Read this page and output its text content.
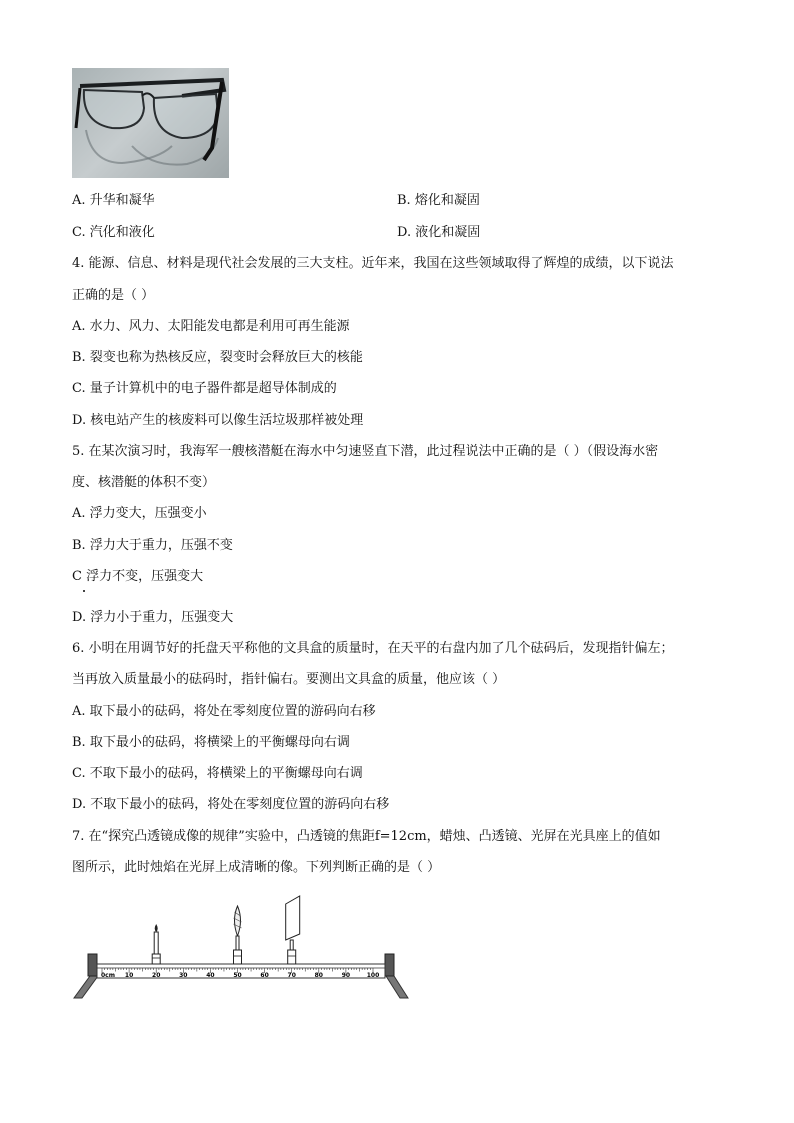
A. 升华和凝华	B. 熔化和凝固
C. 汽化和液化	D. 液化和凝固
4. 能源、信息、材料是现代社会发展的三大支柱。近年来，我国在这些领域取得了辉煌的成绩，以下说法
正确的是（ ）
A. 水力、风力、太阳能发电都是利用可再生能源
B. 裂变也称为热核反应，裂变时会释放巨大的核能
C. 量子计算机中的电子器件都是超导体制成的
D. 核电站产生的核废料可以像生活垃圾那样被处理
5. 在某次演习时，我海军一艘核潜艇在海水中匀速竖直下潜，此过程说法中正确的是（ ）（假设海水密
度、核潜艇的体积不变）
A. 浮力变大，压强变小
B. 浮力大于重力，压强不变
C 浮力不变，压强变大
D. 浮力小于重力，压强变大
6. 小明在用调节好的托盘天平称他的文具盒的质量时，在天平的右盘内加了几个砝码后，发现指针偏左；
当再放入质量最小的砝码时，指针偏右。要测出文具盒的质量，他应该（ ）
A. 取下最小的砝码，将处在零刻度位置的游码向右移
B. 取下最小的砝码，将横梁上的平衡螺母向右调
C. 不取下最小的砝码，将横梁上的平衡螺母向右调
D. 不取下最小的砝码，将处在零刻度位置的游码向右移
7. 在“探究凸透镜成像的规律”实验中，凸透镜的焦距f=12cm，蜡烛、凸透镜、光屏在光具座上的值如
图所示，此时烛焰在光屏上成清晰的像。下列判断正确的是（ ）
0cm 10	20	30	40	50	60	70	80	90	100
